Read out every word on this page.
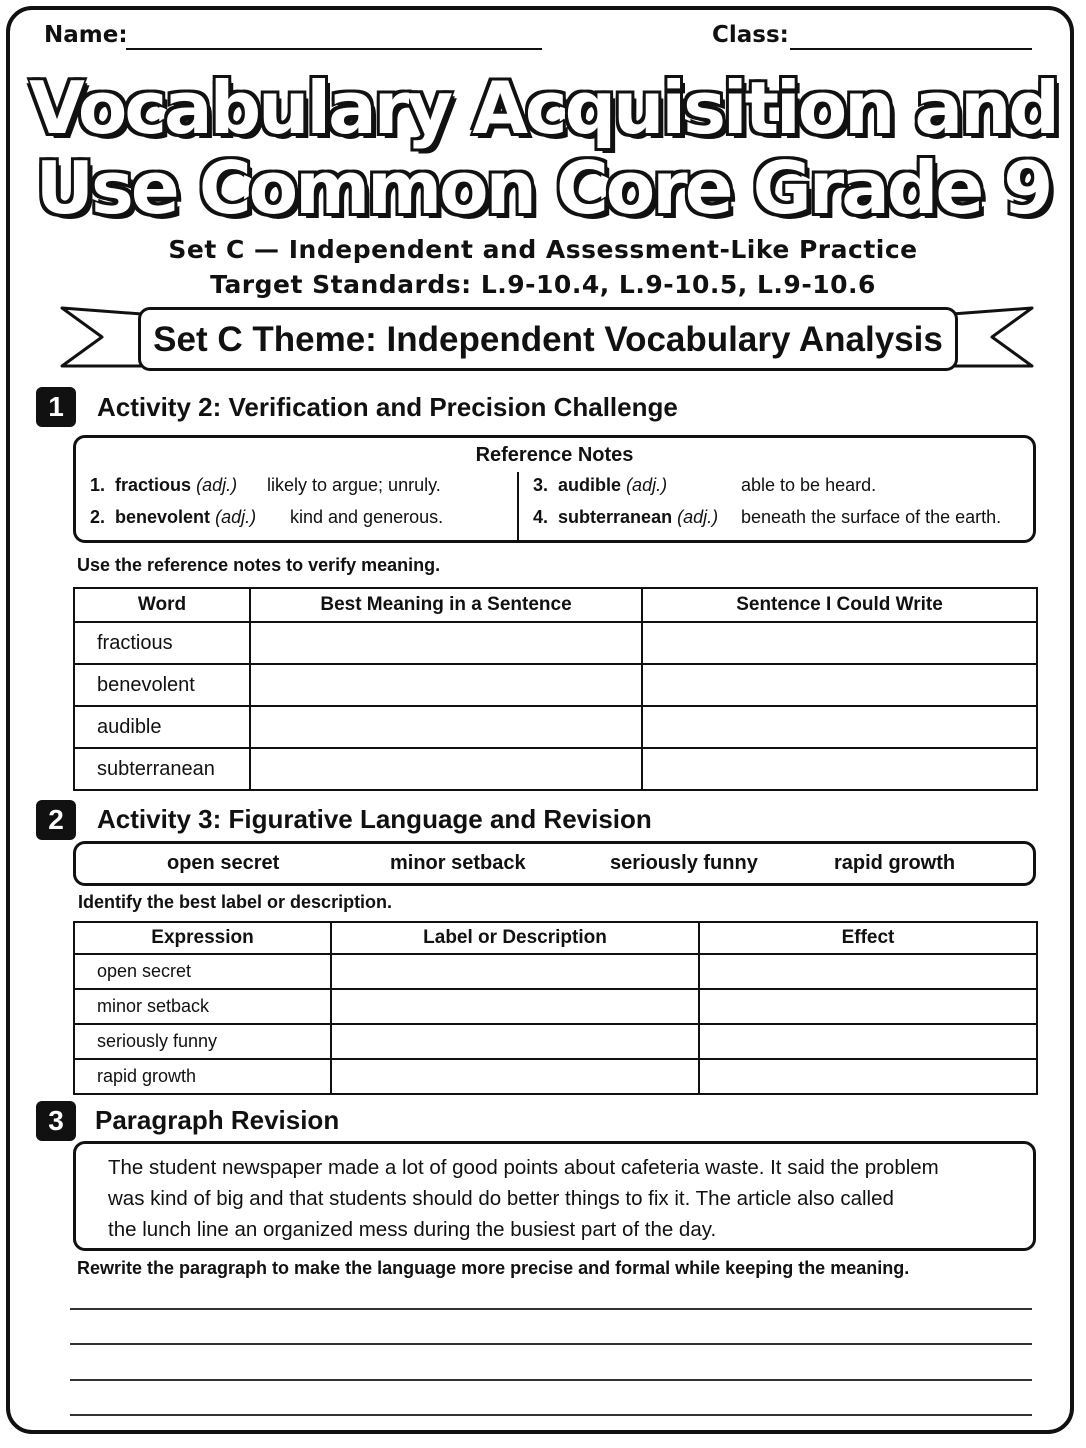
Name:	Class:
Vocabulary Acquisition and
Use Common Core Grade 9
Set C — Independent and Assessment-Like Practice
Target Standards: L.9-10.4, L.9-10.5, L.9-10.6
Set C Theme: Independent Vocabulary Analysis
1	Activity 2: Verification and Precision Challenge
Reference Notes
1. fractious (adj.) likely to argue; unruly.
2. benevolent (adj.) kind and generous.
3. audible (adj.)	able to be heard.
4. subterranean (adj.) beneath the surface of the earth.
Use the reference notes to verify meaning.
Word	Best Meaning in a Sentence	Sentence I Could Write
fractious		
benevolent		
audible		
subterranean		
2	Activity 3: Figurative Language and Revision
open secret	minor setback	seriously funny	rapid growth
Identify the best label or description.
Expression	Label or Description	Effect
open secret		
minor setback		
seriously funny		
rapid growth		
3	Paragraph Revision
The student newspaper made a lot of good points about cafeteria waste. It said the problem
was kind of big and that students should do better things to fix it. The article also called
the lunch line an organized mess during the busiest part of the day.
Rewrite the paragraph to make the language more precise and formal while keeping the meaning.
